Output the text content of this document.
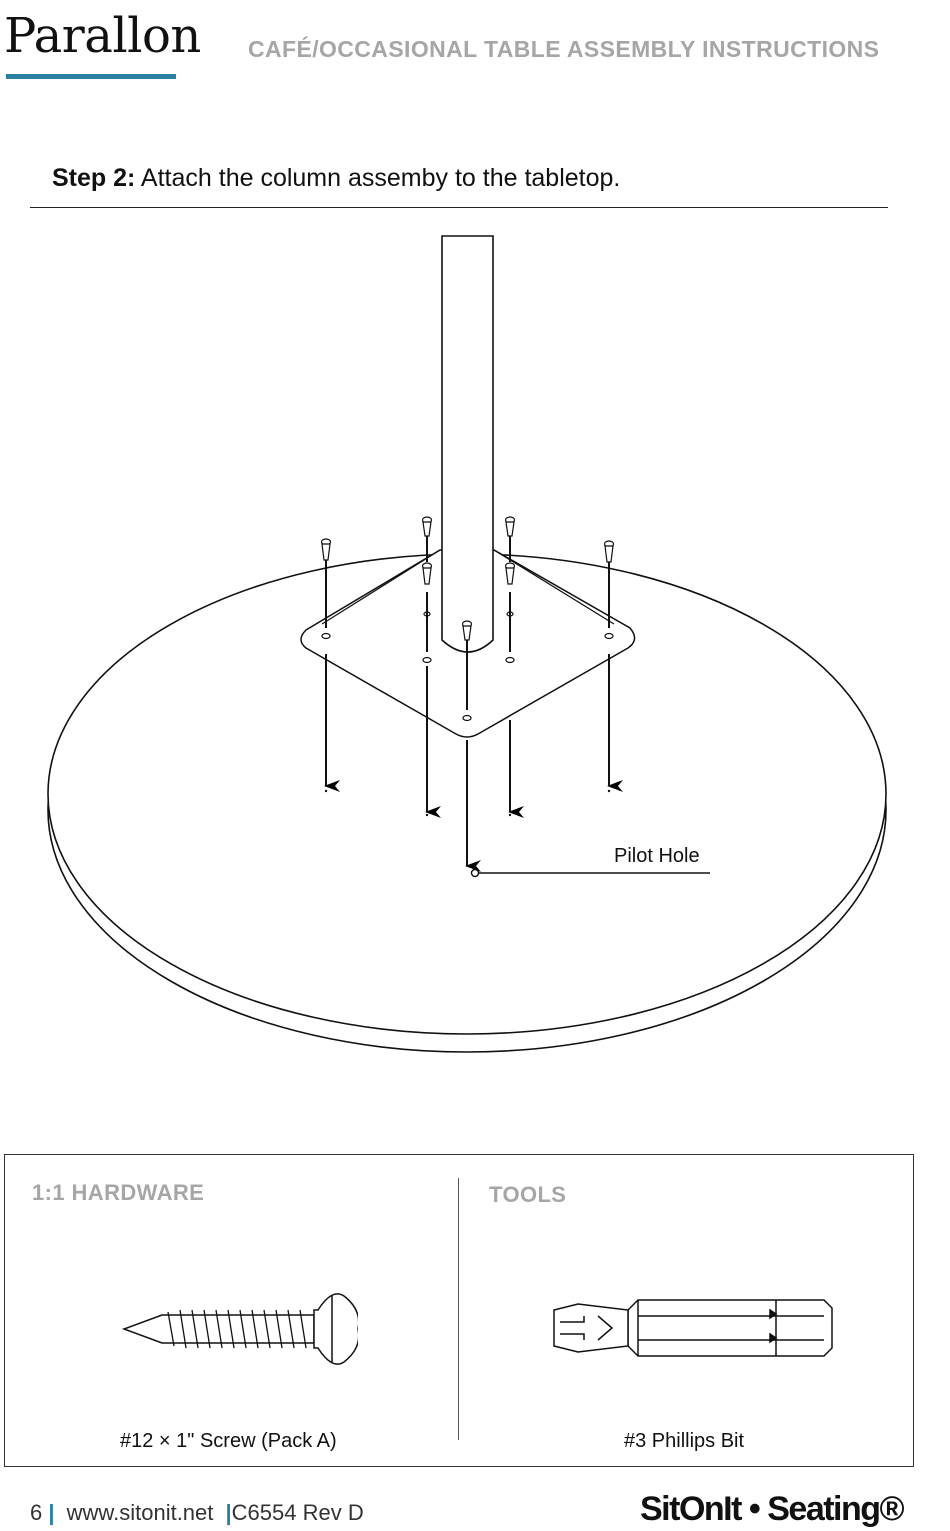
Parallon CAFÉ/OCCASIONAL TABLE ASSEMBLY INSTRUCTIONS
Step 2: Attach the column assemby to the tabletop.
Pilot Hole
1:1 HARDWARE	TOOLS
#12 × 1" Screw (Pack A)	#3 Phillips Bit
6 | www.sitonit.net |C6554 Rev D	SitOnIt • Seating®
